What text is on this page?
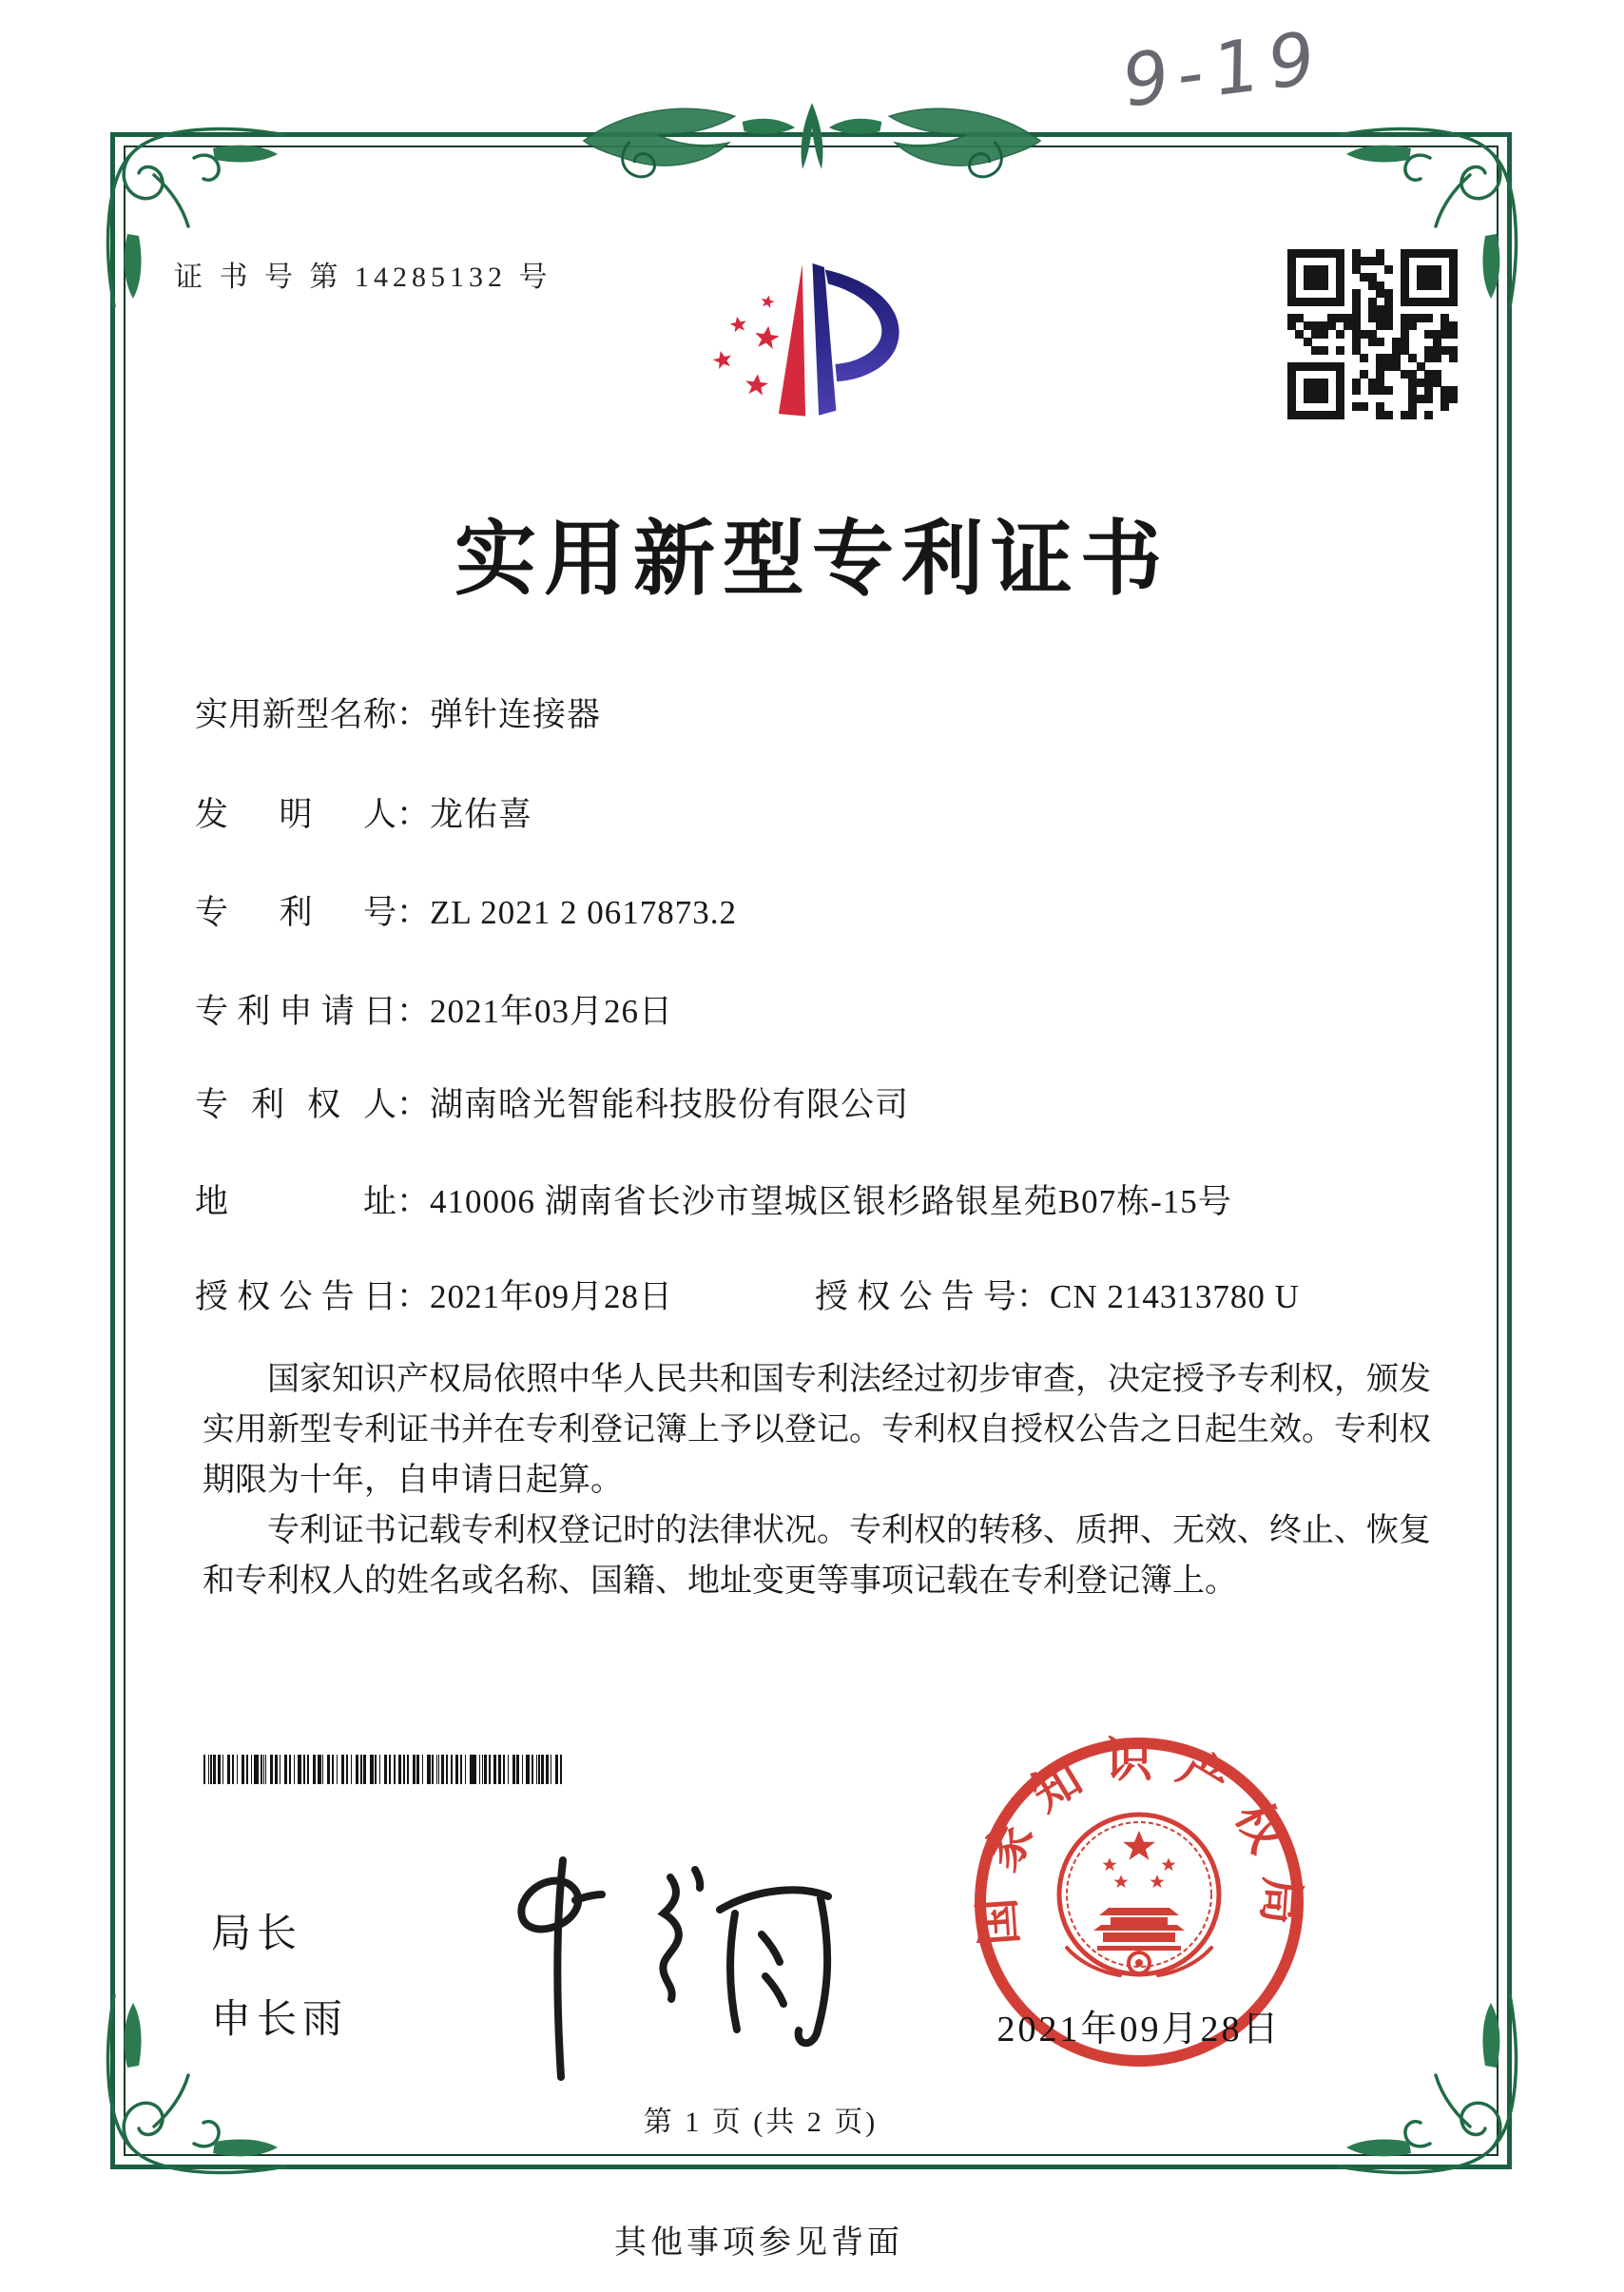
9-19
证 书 号 第 14285132 号
实用新型专利证书
实用新型名称：弹针连接器
发明人：龙佑喜
专利号：ZL 2021 2 0617873.2
专利申请日：2021年03月26日
专利权人：湖南晗光智能科技股份有限公司
地址：410006 湖南省长沙市望城区银杉路银星苑B07栋-15号
授权公告日：2021年09月28日	授权公告号：CN 214313780 U

国家知识产权局依照中华人民共和国专利法经过初步审查，决定授予专利权，颁发实用新型专利证书并在专利登记簿上予以登记。专利权自授权公告之日起生效。专利权期限为十年，自申请日起算。

专利证书记载专利权登记时的法律状况。专利权的转移、质押、无效、终止、恢复和专利权人的姓名或名称、国籍、地址变更等事项记载在专利登记簿上。

局长
申长雨
国家知识产权局
2021年09月28日
第 1 页 (共 2 页)
其他事项参见背面
